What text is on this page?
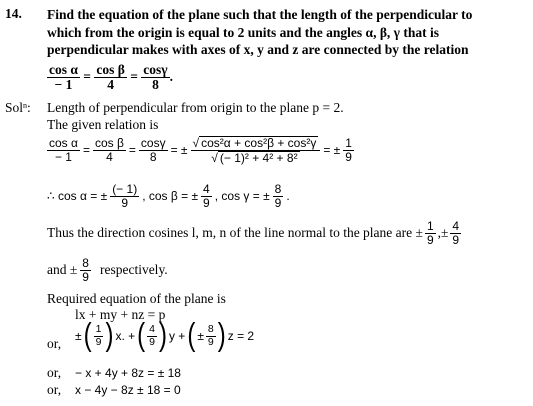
14. Find the equation of the plane such that the length of the perpendicular to
which from the origin is equal to 2 units and the angles α, β, γ that is
perpendicular makes with axes of x, y and z are connected by the relation
$\frac{\text{cos α}}{- 1} = \frac{\text{cos β}}{4} = \frac{\cos\gamma}{8}$ .
Sol$^n$: Length of perpendicular from origin to the plane p = 2.
The given relation is
$\frac{\text{cos α}}{- 1} = \frac{\text{cos β}}{4} = \frac{\cos\gamma}{8}$ = ± $\frac{\text{√ cos²α + cos²β + cos²γ}}{\text{√ (− 1)² + 4² + 8²}}$ = ± $\frac{1}{9}$
∴ cos α = ± $\frac{(- 1)}{9}$ , cos β = ± $\frac{4}{9}$ , cos γ = ± $\frac{8}{9}$ .
Thus the direction cosines l, m, n of the line normal to the plane are ± $\frac{1}{9}$ ,± $\frac{4}{9}$
and ± $\frac{8}{9}$ respectively.
Required equation of the plane is
lx + my + nz = p
or, ± ( $\frac{1}{9}$ ) x. + ( $\frac{4}{9}$ ) y + ( ± $\frac{8}{9}$ ) z = 2
or, − x + 4y + 8z = ± 18
or, x − 4y − 8z ± 18 = 0
